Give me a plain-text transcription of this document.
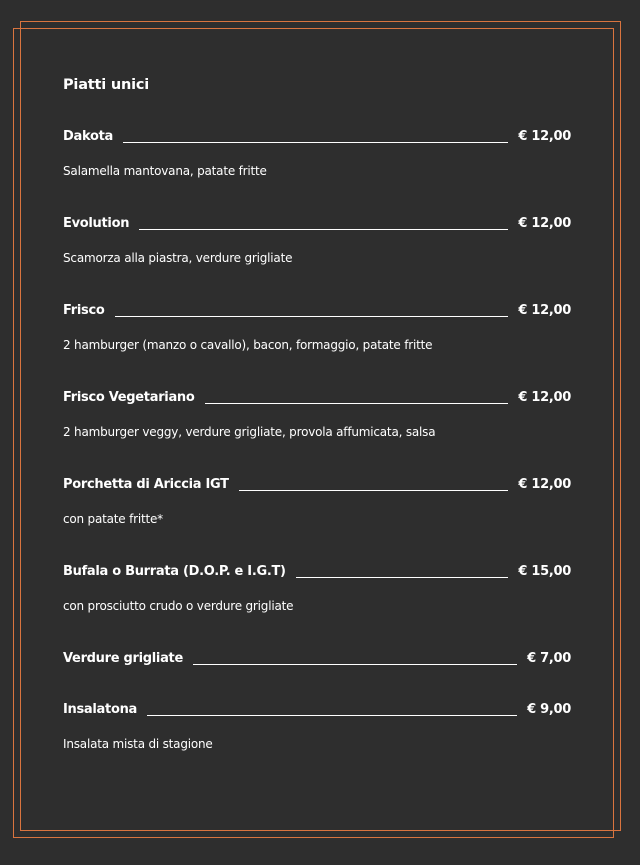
Piatti unici
Dakota	€ 12,00
Salamella mantovana, patate fritte
Evolution	€ 12,00
Scamorza alla piastra, verdure grigliate
Frisco	€ 12,00
2 hamburger (manzo o cavallo), bacon, formaggio, patate fritte
Frisco Vegetariano	€ 12,00
2 hamburger veggy, verdure grigliate, provola affumicata, salsa
Porchetta di Ariccia IGT	€ 12,00
con patate fritte*
Bufala o Burrata (D.O.P. e I.G.T)	€ 15,00
con prosciutto crudo o verdure grigliate
Verdure grigliate	€ 7,00
Insalatona	€ 9,00
Insalata mista di stagione
